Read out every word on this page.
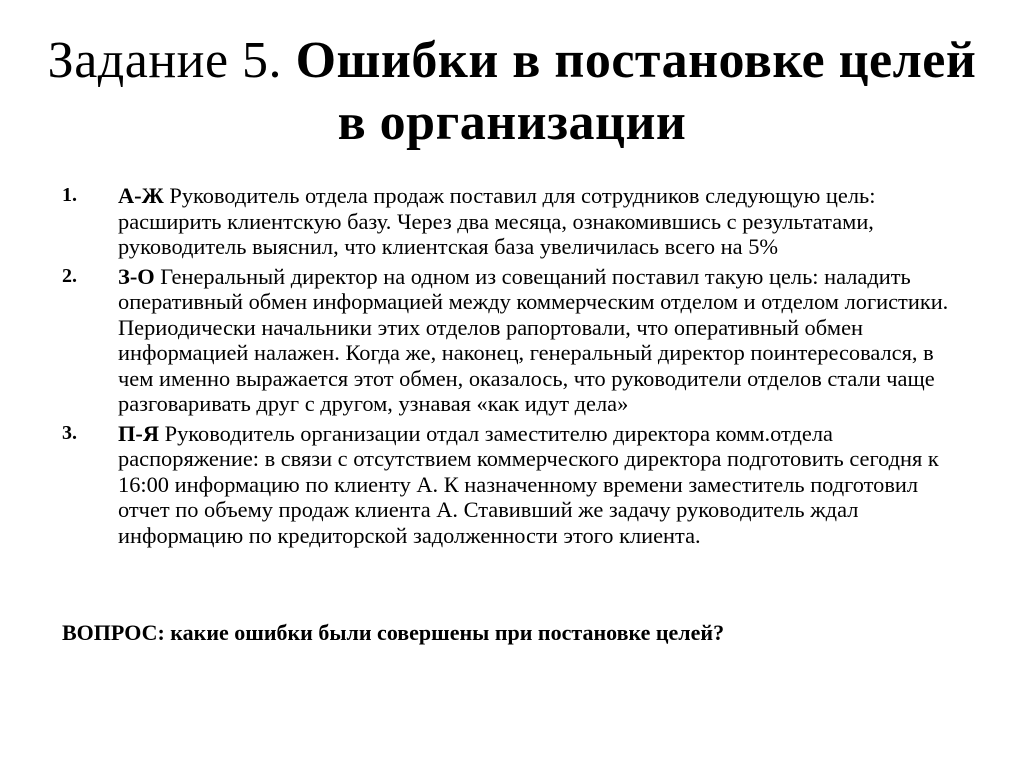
Задание 5. Ошибки в постановке целей в организации
1. А-Ж Руководитель отдела продаж поставил для сотрудников следующую цель: расширить клиентскую базу. Через два месяца, ознакомившись с результатами, руководитель выяснил, что клиентская база увеличилась всего на 5%
2. З-О Генеральный директор на одном из совещаний поставил такую цель: наладить оперативный обмен информацией между коммерческим отделом и отделом логистики. Периодически начальники этих отделов рапортовали, что оперативный обмен информацией налажен. Когда же, наконец, генеральный директор поинтересовался, в чем именно выражается этот обмен, оказалось, что руководители отделов стали чаще разговаривать друг с другом, узнавая «как идут дела»
3. П-Я Руководитель организации отдал заместителю директора комм.отдела распоряжение: в связи с отсутствием коммерческого директора подготовить сегодня к 16:00 информацию по клиенту А. К назначенному времени заместитель подготовил отчет по объему продаж клиента А. Ставивший же задачу руководитель ждал информацию по кредиторской задолженности этого клиента.
ВОПРОС: какие ошибки были совершены при постановке целей?
